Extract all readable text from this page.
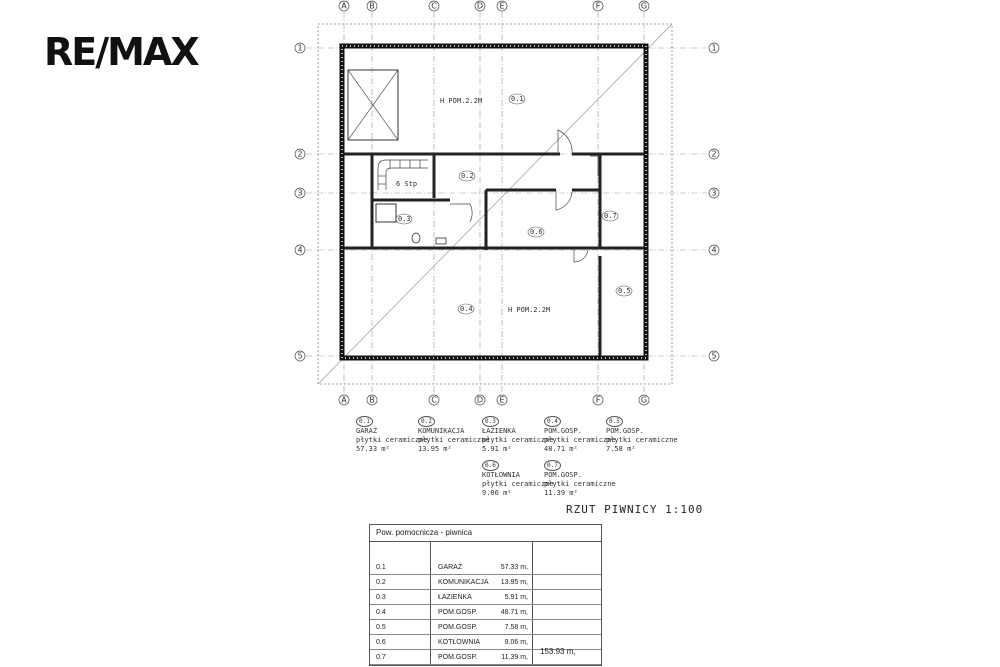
RE/MAX
A
A
B
B
C
C
D
D
E
E
F
F
G
G
1	1
2	2
3	3
4	4
5	5
6 Stp
H POM.2.2M	0.1
0.2
0.3
0.6
0.7
0.5
0.4	H POM.2.2M
0.1
GARAŻ
płytki ceramiczne
57.33 m²
0.2
KOMUNIKACJA
płytki ceramiczne
13.95 m²
0.3
ŁAZIENKA
płytki ceramiczne
5.91 m²
0.4
POM.GOSP.
płytki ceramiczne
48.71 m²
0.5
POM.GOSP.
płytki ceramiczne
7.58 m²
0.6
KOTŁOWNIA
płytki ceramiczne
9.06 m²
0.7
POM.GOSP.
płytki ceramiczne
11.39 m²
RZUT PIWNICY 1:100
Pow. pomocnicza - piwnica
0.1	GARAŻ	57.33 m,
0.2	KOMUNIKACJA	13.95 m,
0.3	ŁAZIENKA	5.91 m,
0.4	POM.GOSP.	48.71 m,
0.5	POM.GOSP.	7.58 m,
0.6	KOTŁOWNIA	9.06 m,
0.7	POM.GOSP.	11.39 m,
153.93 m,
